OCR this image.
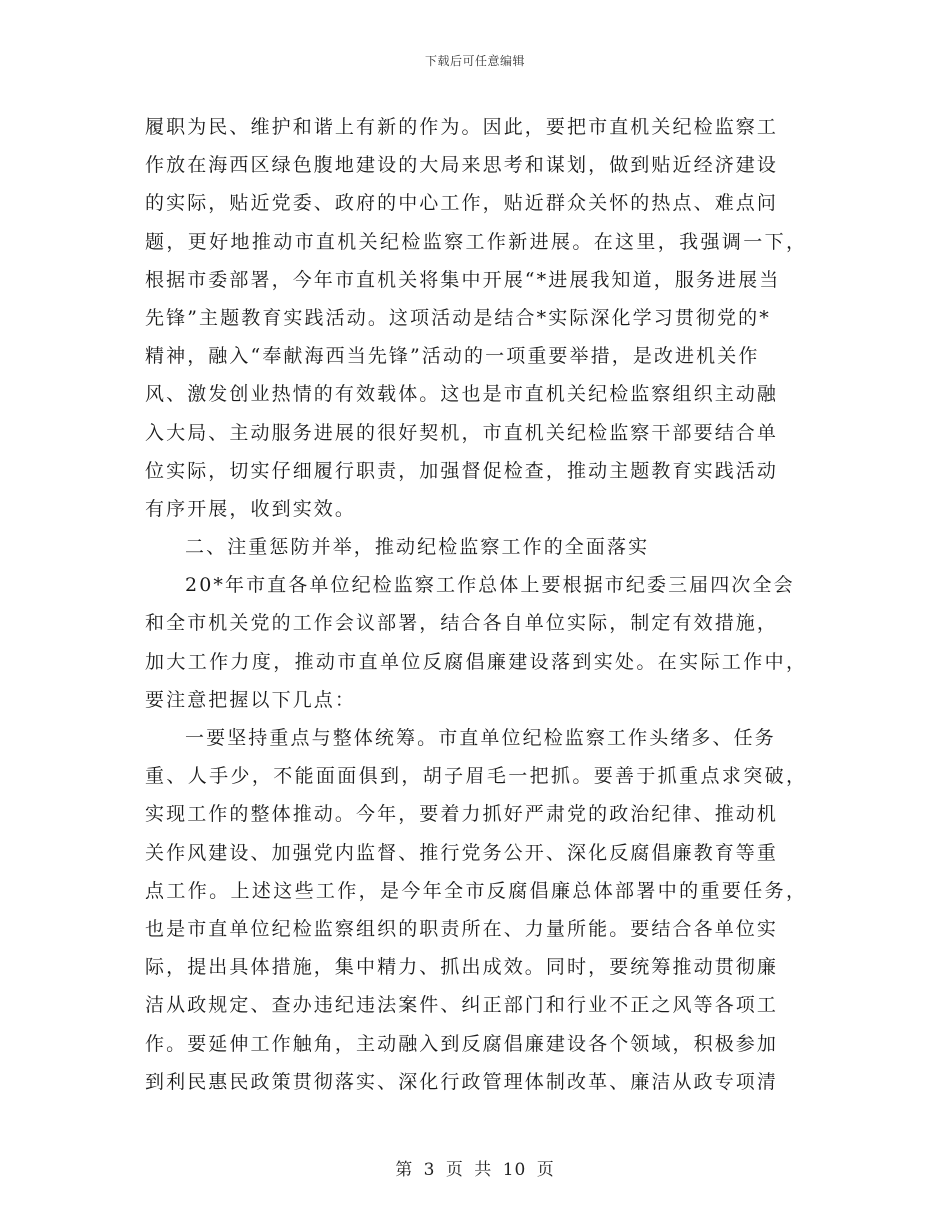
下载后可任意编辑
履职为民、维护和谐上有新的作为。因此，要把市直机关纪检监察工
作放在海西区绿色腹地建设的大局来思考和谋划，做到贴近经济建设
的实际，贴近党委、政府的中心工作，贴近群众关怀的热点、难点问
题，更好地推动市直机关纪检监察工作新进展。在这里，我强调一下，
根据市委部署，今年市直机关将集中开展“*进展我知道，服务进展当
先锋”主题教育实践活动。这项活动是结合*实际深化学习贯彻党的*
精神，融入“奉献海西当先锋”活动的一项重要举措，是改进机关作
风、激发创业热情的有效载体。这也是市直机关纪检监察组织主动融
入大局、主动服务进展的很好契机，市直机关纪检监察干部要结合单
位实际，切实仔细履行职责，加强督促检查，推动主题教育实践活动
有序开展，收到实效。
二、注重惩防并举，推动纪检监察工作的全面落实
20*年市直各单位纪检监察工作总体上要根据市纪委三届四次全会
和全市机关党的工作会议部署，结合各自单位实际，制定有效措施，
加大工作力度，推动市直单位反腐倡廉建设落到实处。在实际工作中，
要注意把握以下几点：
一要坚持重点与整体统筹。市直单位纪检监察工作头绪多、任务
重、人手少，不能面面俱到，胡子眉毛一把抓。要善于抓重点求突破，
实现工作的整体推动。今年，要着力抓好严肃党的政治纪律、推动机
关作风建设、加强党内监督、推行党务公开、深化反腐倡廉教育等重
点工作。上述这些工作，是今年全市反腐倡廉总体部署中的重要任务，
也是市直单位纪检监察组织的职责所在、力量所能。要结合各单位实
际，提出具体措施，集中精力、抓出成效。同时，要统筹推动贯彻廉
洁从政规定、查办违纪违法案件、纠正部门和行业不正之风等各项工
作。要延伸工作触角，主动融入到反腐倡廉建设各个领域，积极参加
到利民惠民政策贯彻落实、深化行政管理体制改革、廉洁从政专项清
第 3 页 共 10 页
